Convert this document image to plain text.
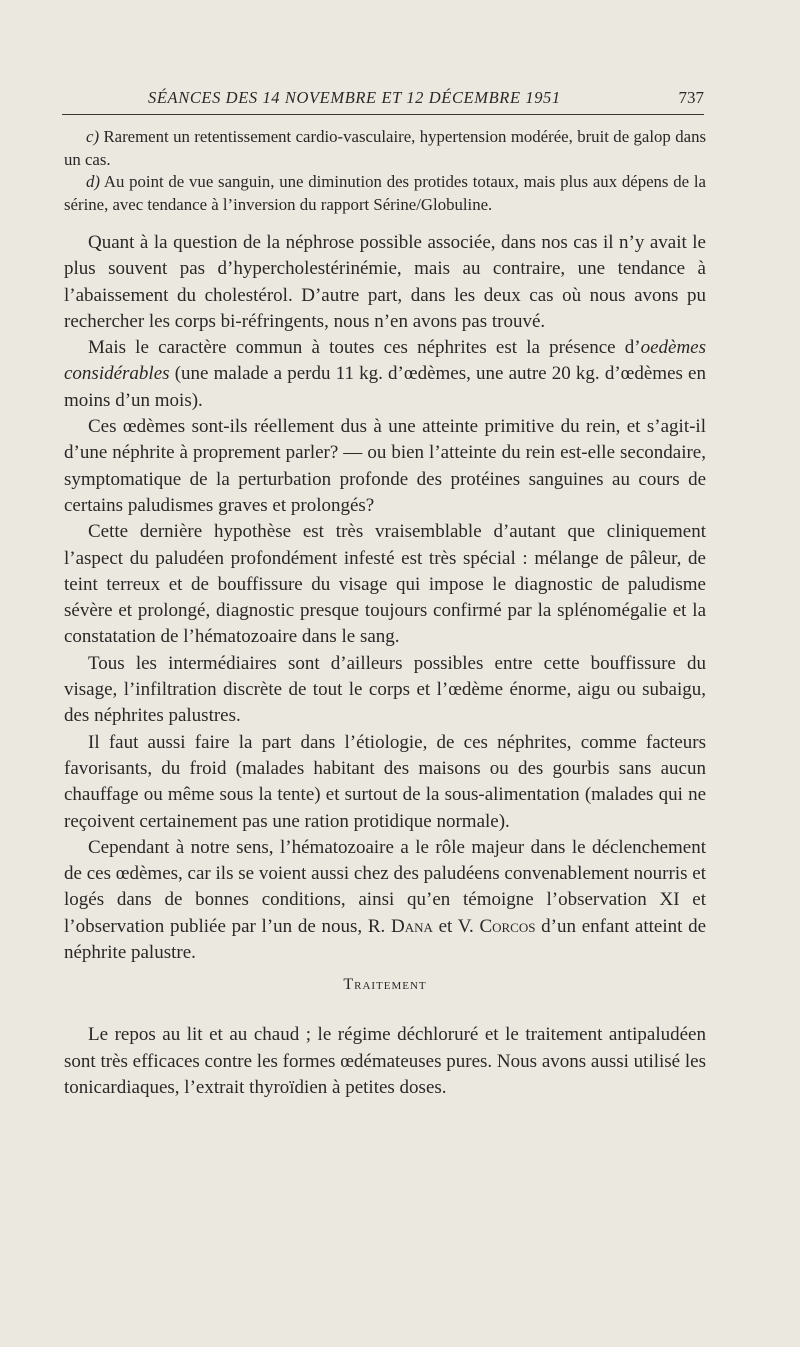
SÉANCES DES 14 NOVEMBRE ET 12 DÉCEMBRE 1951	737

c) Rarement un retentissement cardio-vasculaire, hypertension modérée, bruit de galop dans un cas.

d) Au point de vue sanguin, une diminution des protides totaux, mais plus aux dépens de la sérine, avec tendance à l’inversion du rapport Sérine/Globuline.

Quant à la question de la néphrose possible associée, dans nos cas il n’y avait le plus souvent pas d’hypercholestérinémie, mais au contraire, une tendance à l’abaissement du cholestérol. D’autre part, dans les deux cas où nous avons pu rechercher les corps bi-réfringents, nous n’en avons pas trouvé.

Mais le caractère commun à toutes ces néphrites est la présence d’oedèmes considérables (une malade a perdu 11 kg. d’œdèmes, une autre 20 kg. d’œdèmes en moins d’un mois).

Ces œdèmes sont-ils réellement dus à une atteinte primitive du rein, et s’agit-il d’une néphrite à proprement parler? — ou bien l’atteinte du rein est-elle secondaire, symptomatique de la perturbation profonde des protéines sanguines au cours de certains paludismes graves et prolongés?

Cette dernière hypothèse est très vraisemblable d’autant que cliniquement l’aspect du paludéen profondément infesté est très spécial : mélange de pâleur, de teint terreux et de bouffissure du visage qui impose le diagnostic de paludisme sévère et prolongé, diagnostic presque toujours confirmé par la splénomégalie et la constatation de l’hématozoaire dans le sang.

Tous les intermédiaires sont d’ailleurs possibles entre cette bouffissure du visage, l’infiltration discrète de tout le corps et l’œdème énorme, aigu ou subaigu, des néphrites palustres.

Il faut aussi faire la part dans l’étiologie, de ces néphrites, comme facteurs favorisants, du froid (malades habitant des maisons ou des gourbis sans aucun chauffage ou même sous la tente) et surtout de la sous-alimentation (malades qui ne reçoivent certainement pas une ration protidique normale).

Cependant à notre sens, l’hématozoaire a le rôle majeur dans le déclenchement de ces œdèmes, car ils se voient aussi chez des paludéens convenablement nourris et logés dans de bonnes conditions, ainsi qu’en témoigne l’observation XI et l’observation publiée par l’un de nous, R. Dana et V. Corcos d’un enfant atteint de néphrite palustre.

Traitement

Le repos au lit et au chaud ; le régime déchloruré et le traitement antipaludéen sont très efficaces contre les formes œdémateuses pures. Nous avons aussi utilisé les tonicardiaques, l’extrait thyroïdien à petites doses.
